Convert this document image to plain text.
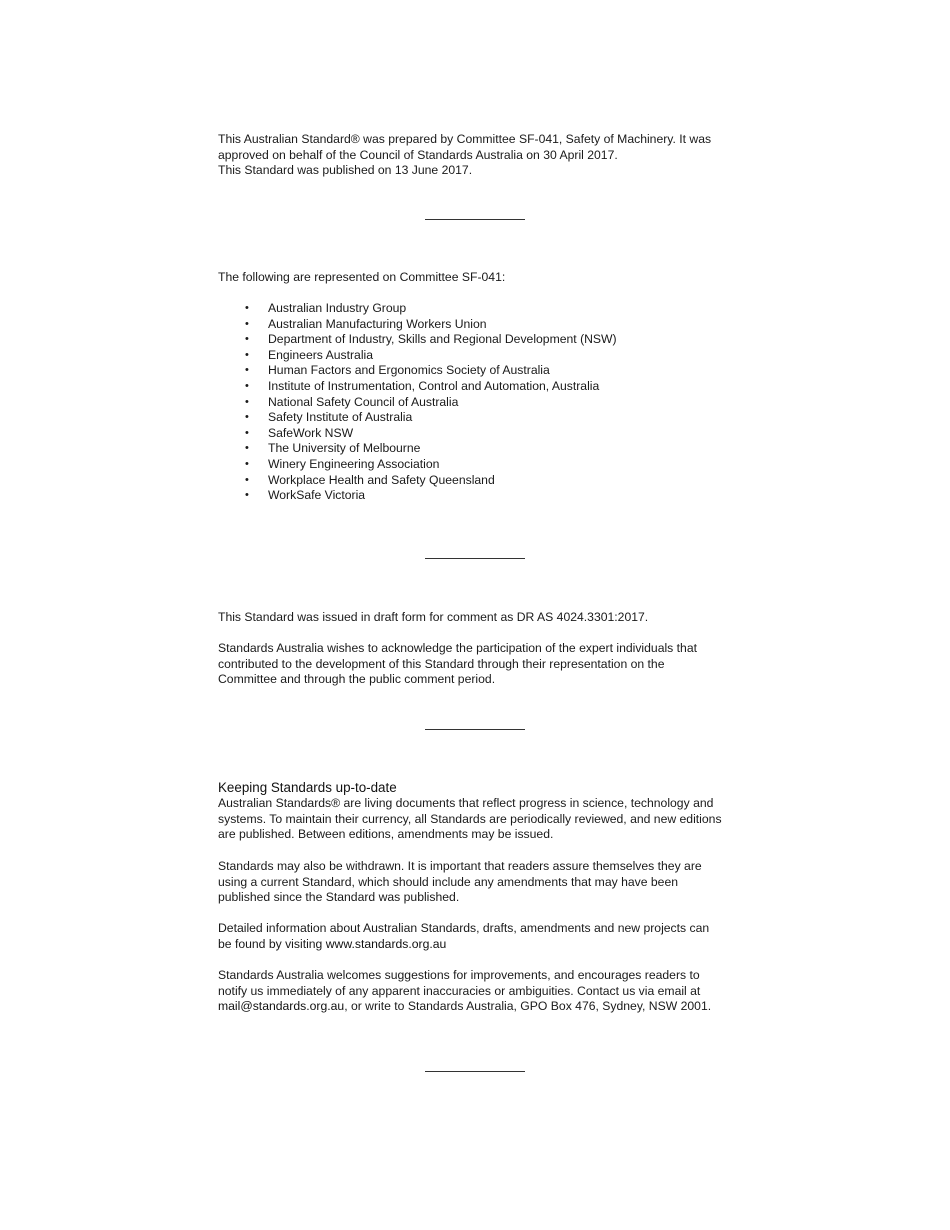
This Australian Standard® was prepared by Committee SF-041, Safety of Machinery. It was
approved on behalf of the Council of Standards Australia on 30 April 2017.
This Standard was published on 13 June 2017.
The following are represented on Committee SF-041:
• Australian Industry Group
• Australian Manufacturing Workers Union
• Department of Industry, Skills and Regional Development (NSW)
• Engineers Australia
• Human Factors and Ergonomics Society of Australia
• Institute of Instrumentation, Control and Automation, Australia
• National Safety Council of Australia
• Safety Institute of Australia
• SafeWork NSW
• The University of Melbourne
• Winery Engineering Association
• Workplace Health and Safety Queensland
• WorkSafe Victoria
This Standard was issued in draft form for comment as DR AS 4024.3301:2017.
Standards Australia wishes to acknowledge the participation of the expert individuals that
contributed to the development of this Standard through their representation on the
Committee and through the public comment period.
Keeping Standards up-to-date
Australian Standards® are living documents that reflect progress in science, technology and
systems. To maintain their currency, all Standards are periodically reviewed, and new editions
are published. Between editions, amendments may be issued.
Standards may also be withdrawn. It is important that readers assure themselves they are
using a current Standard, which should include any amendments that may have been
published since the Standard was published.
Detailed information about Australian Standards, drafts, amendments and new projects can
be found by visiting www.standards.org.au
Standards Australia welcomes suggestions for improvements, and encourages readers to
notify us immediately of any apparent inaccuracies or ambiguities. Contact us via email at
mail@standards.org.au, or write to Standards Australia, GPO Box 476, Sydney, NSW 2001.
